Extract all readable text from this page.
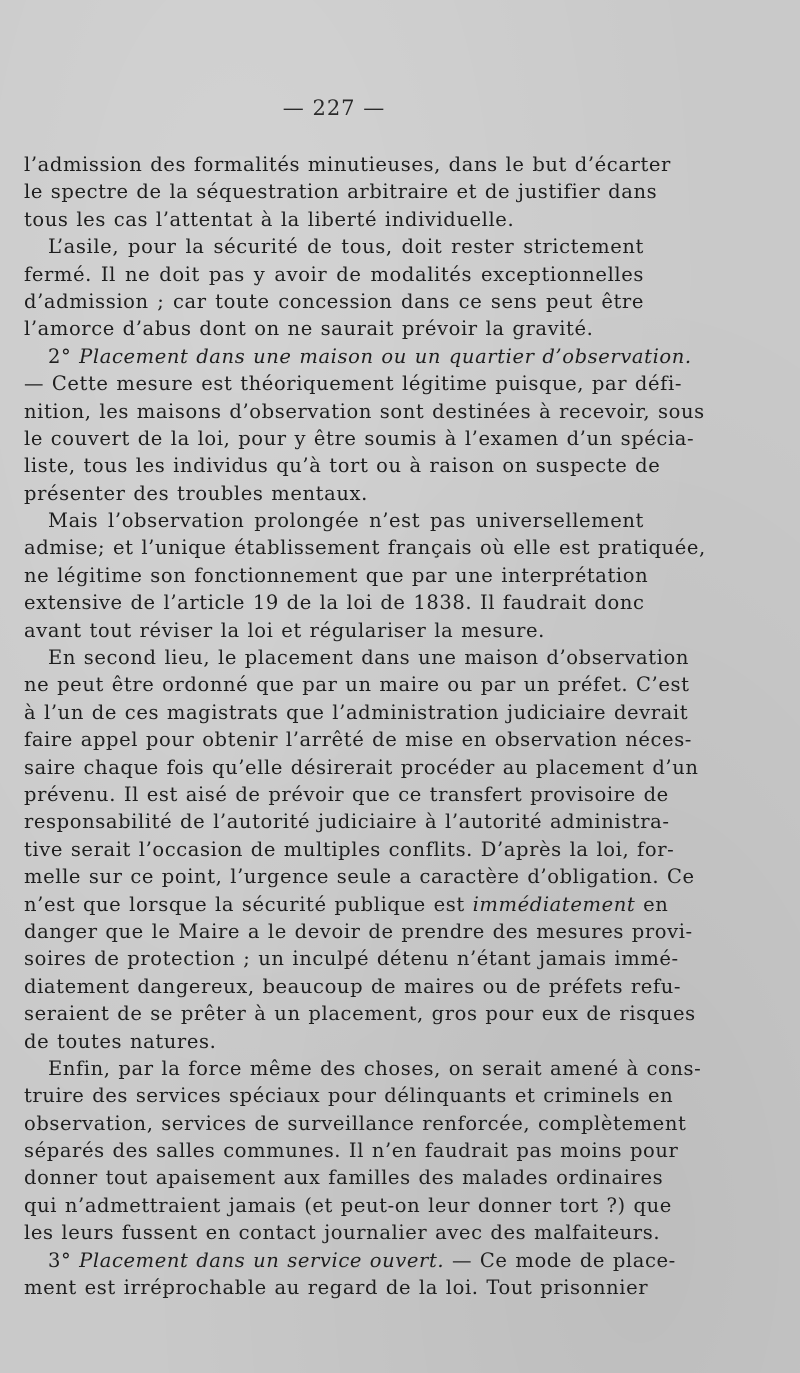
— 227 —
l’admission des formalités minutieuses, dans le but d’écarter
le spectre de la séquestration arbitraire et de justifier dans
tous les cas l’attentat à la liberté individuelle.
L’asile, pour la sécurité de tous, doit rester strictement
fermé. Il ne doit pas y avoir de modalités exceptionnelles
d’admission ; car toute concession dans ce sens peut être
l’amorce d’abus dont on ne saurait prévoir la gravité.
2° Placement dans une maison ou un quartier d’observation.
— Cette mesure est théoriquement légitime puisque, par défi-
nition, les maisons d’observation sont destinées à recevoir, sous
le couvert de la loi, pour y être soumis à l’examen d’un spécia-
liste, tous les individus qu’à tort ou à raison on suspecte de
présenter des troubles mentaux.
Mais l’observation prolongée n’est pas universellement
admise; et l’unique établissement français où elle est pratiquée,
ne légitime son fonctionnement que par une interprétation
extensive de l’article 19 de la loi de 1838. Il faudrait donc
avant tout réviser la loi et régulariser la mesure.
En second lieu, le placement dans une maison d’observation
ne peut être ordonné que par un maire ou par un préfet. C’est
à l’un de ces magistrats que l’administration judiciaire devrait
faire appel pour obtenir l’arrêté de mise en observation néces-
saire chaque fois qu’elle désirerait procéder au placement d’un
prévenu. Il est aisé de prévoir que ce transfert provisoire de
responsabilité de l’autorité judiciaire à l’autorité administra-
tive serait l’occasion de multiples conflits. D’après la loi, for-
melle sur ce point, l’urgence seule a caractère d’obligation. Ce
n’est que lorsque la sécurité publique est immédiatement en
danger que le Maire a le devoir de prendre des mesures provi-
soires de protection ; un inculpé détenu n’étant jamais immé-
diatement dangereux, beaucoup de maires ou de préfets refu-
seraient de se prêter à un placement, gros pour eux de risques
de toutes natures.
Enfin, par la force même des choses, on serait amené à cons-
truire des services spéciaux pour délinquants et criminels en
observation, services de surveillance renforcée, complètement
séparés des salles communes. Il n’en faudrait pas moins pour
donner tout apaisement aux familles des malades ordinaires
qui n’admettraient jamais (et peut-on leur donner tort ?) que
les leurs fussent en contact journalier avec des malfaiteurs.
3° Placement dans un service ouvert. — Ce mode de place-
ment est irréprochable au regard de la loi. Tout prisonnier
